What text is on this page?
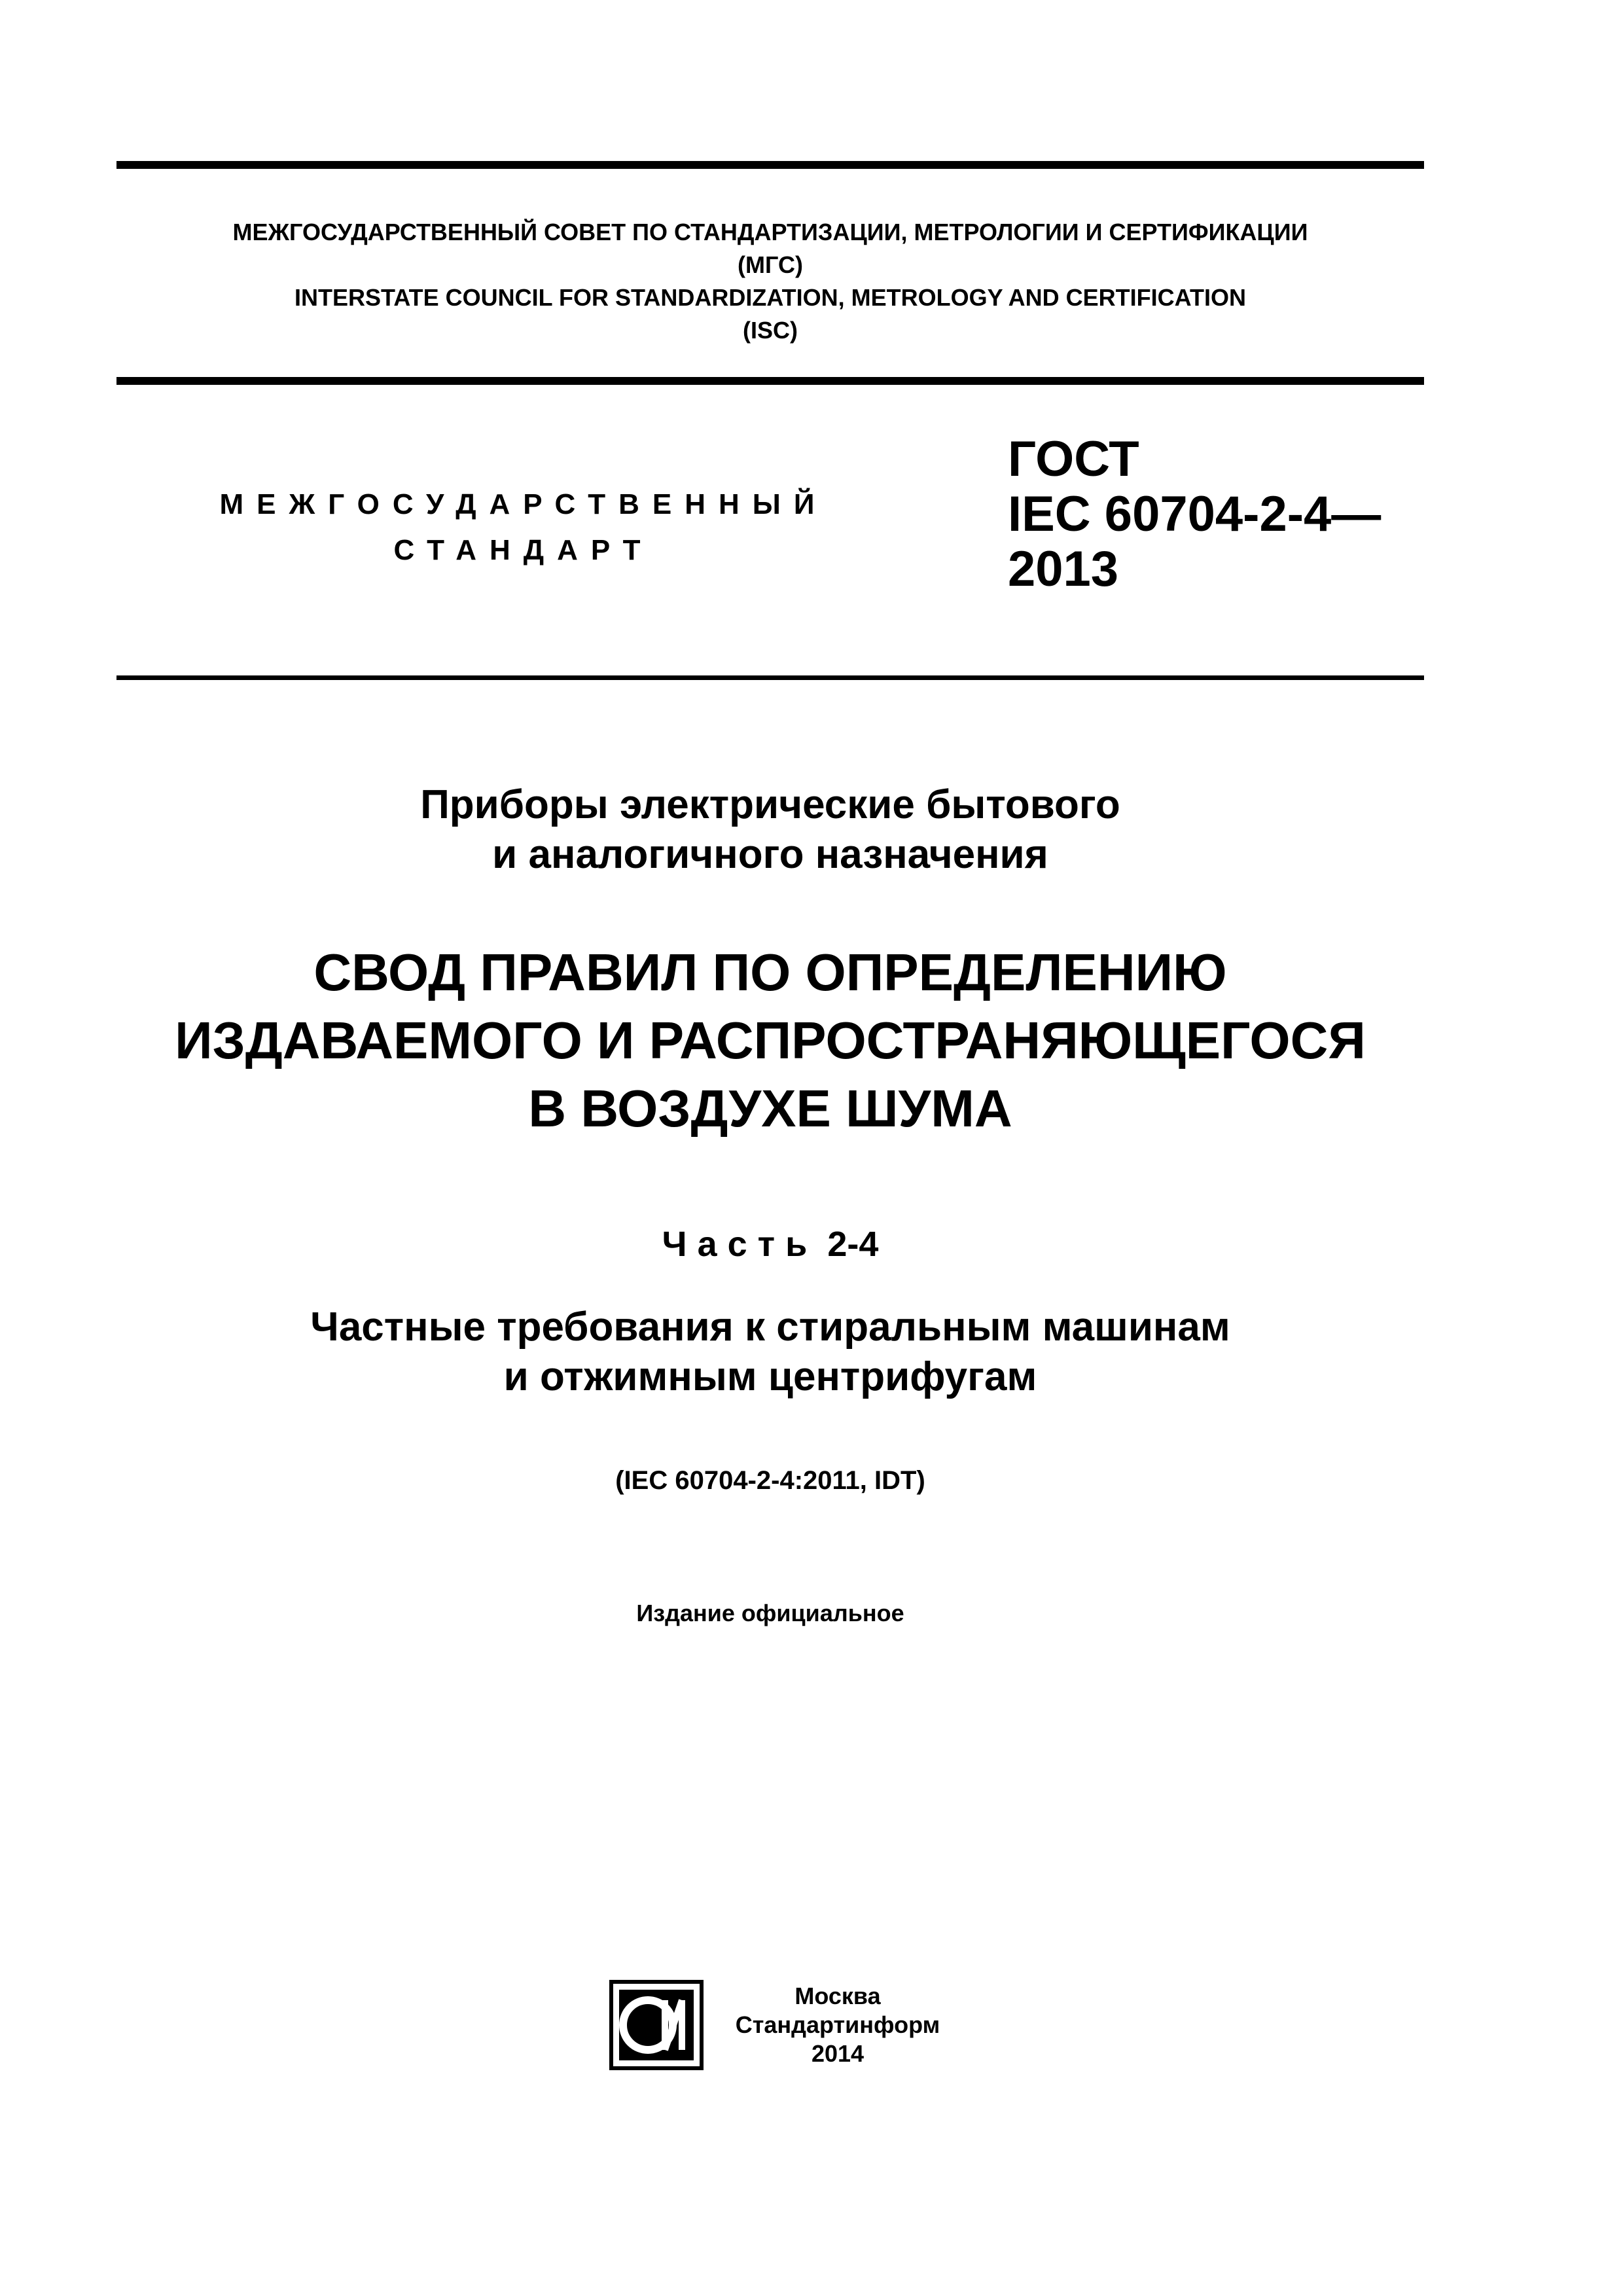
МЕЖГОСУДАРСТВЕННЫЙ СОВЕТ ПО СТАНДАРТИЗАЦИИ, МЕТРОЛОГИИ И СЕРТИФИКАЦИИ
(МГС)
INTERSTATE COUNCIL FOR STANDARDIZATION, METROLOGY AND CERTIFICATION
(ISC)
МЕЖГОСУДАРСТВЕННЫЙ
СТАНДАРТ
ГОСТ
IEC 60704-2-4—
2013
Приборы электрические бытового
и аналогичного назначения
СВОД ПРАВИЛ ПО ОПРЕДЕЛЕНИЮ
ИЗДАВАЕМОГО И РАСПРОСТРАНЯЮЩЕГОСЯ
В ВОЗДУХЕ ШУМА
Часть 2-4
Частные требования к стиральным машинам
и отжимным центрифугам
(IEC 60704-2-4:2011, IDT)
Издание официальное
Москва
Стандартинформ
2014
